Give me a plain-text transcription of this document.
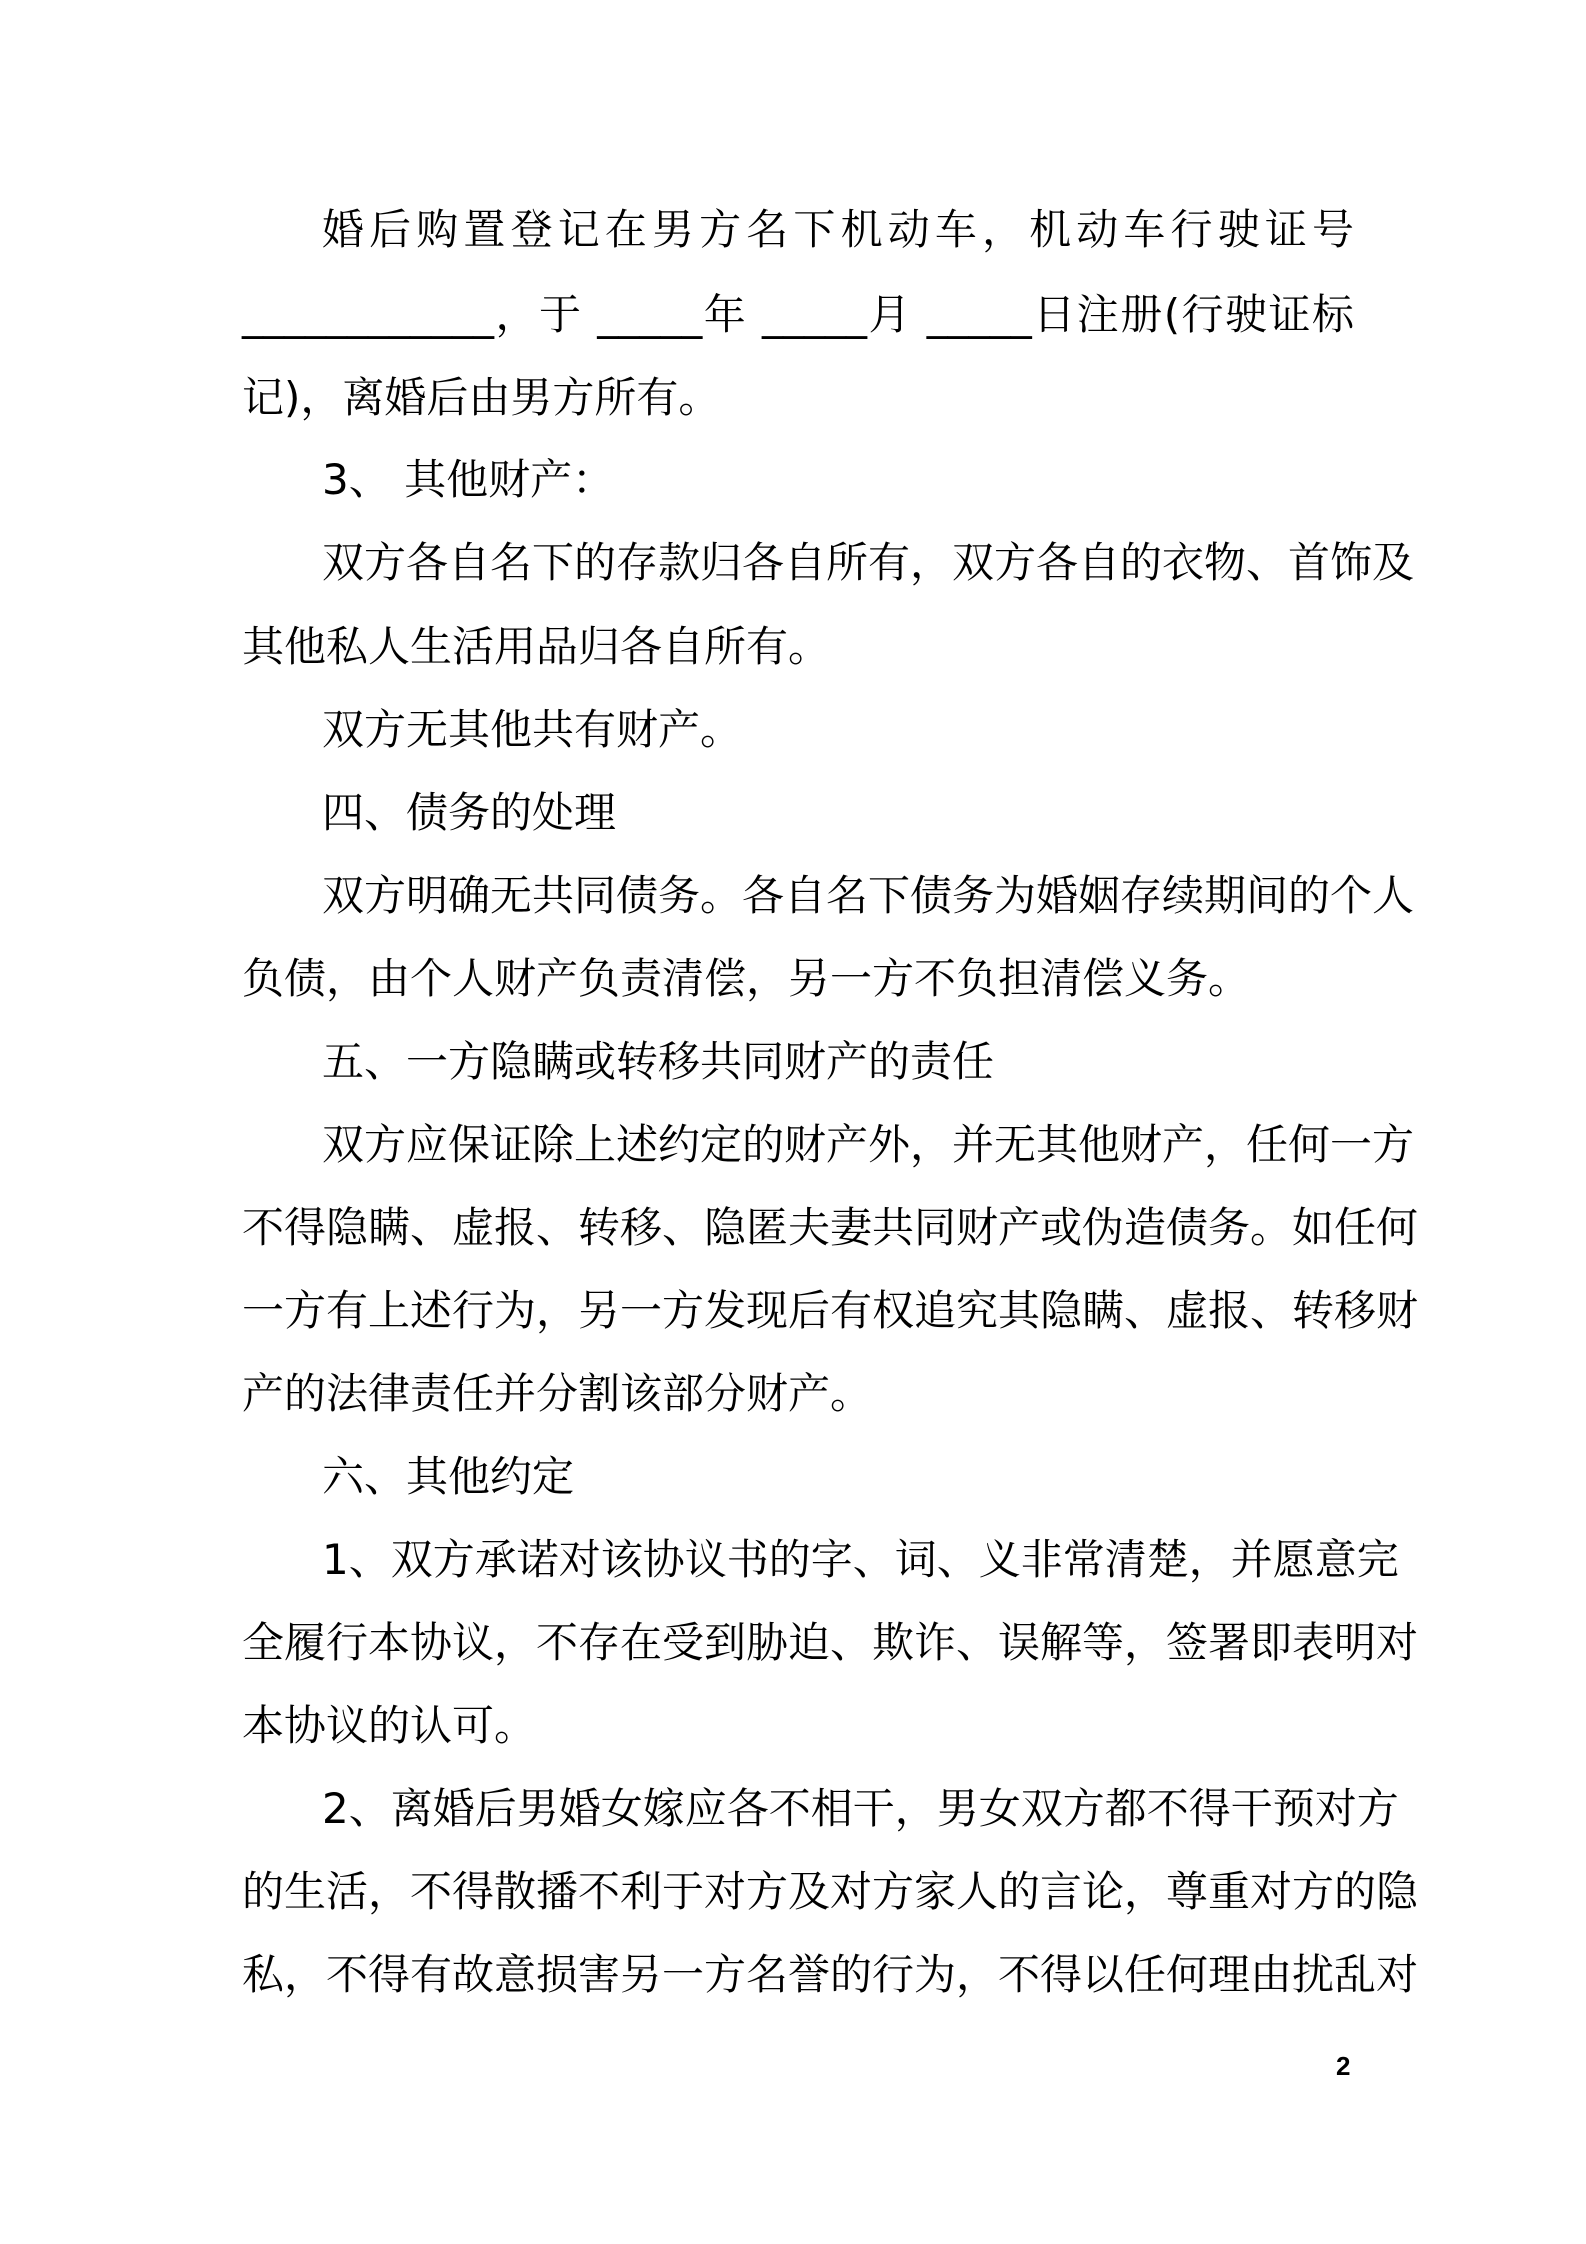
婚后购置登记在男方名下机动车，机动车行驶证号
____________，于 _____年 _____月 _____日注册(行驶证标
记)，离婚后由男方所有。
3、 其他财产：
双方各自名下的存款归各自所有，双方各自的衣物、首饰及
其他私人生活用品归各自所有。
双方无其他共有财产。
四、债务的处理
双方明确无共同债务。各自名下债务为婚姻存续期间的个人
负债，由个人财产负责清偿，另一方不负担清偿义务。
五、一方隐瞒或转移共同财产的责任
双方应保证除上述约定的财产外，并无其他财产，任何一方
不得隐瞒、虚报、转移、隐匿夫妻共同财产或伪造债务。如任何
一方有上述行为，另一方发现后有权追究其隐瞒、虚报、转移财
产的法律责任并分割该部分财产。
六、其他约定
1、双方承诺对该协议书的字、词、义非常清楚，并愿意完
全履行本协议，不存在受到胁迫、欺诈、误解等，签署即表明对
本协议的认可。
2、离婚后男婚女嫁应各不相干，男女双方都不得干预对方
的生活，不得散播不利于对方及对方家人的言论，尊重对方的隐
私，不得有故意损害另一方名誉的行为，不得以任何理由扰乱对
2
